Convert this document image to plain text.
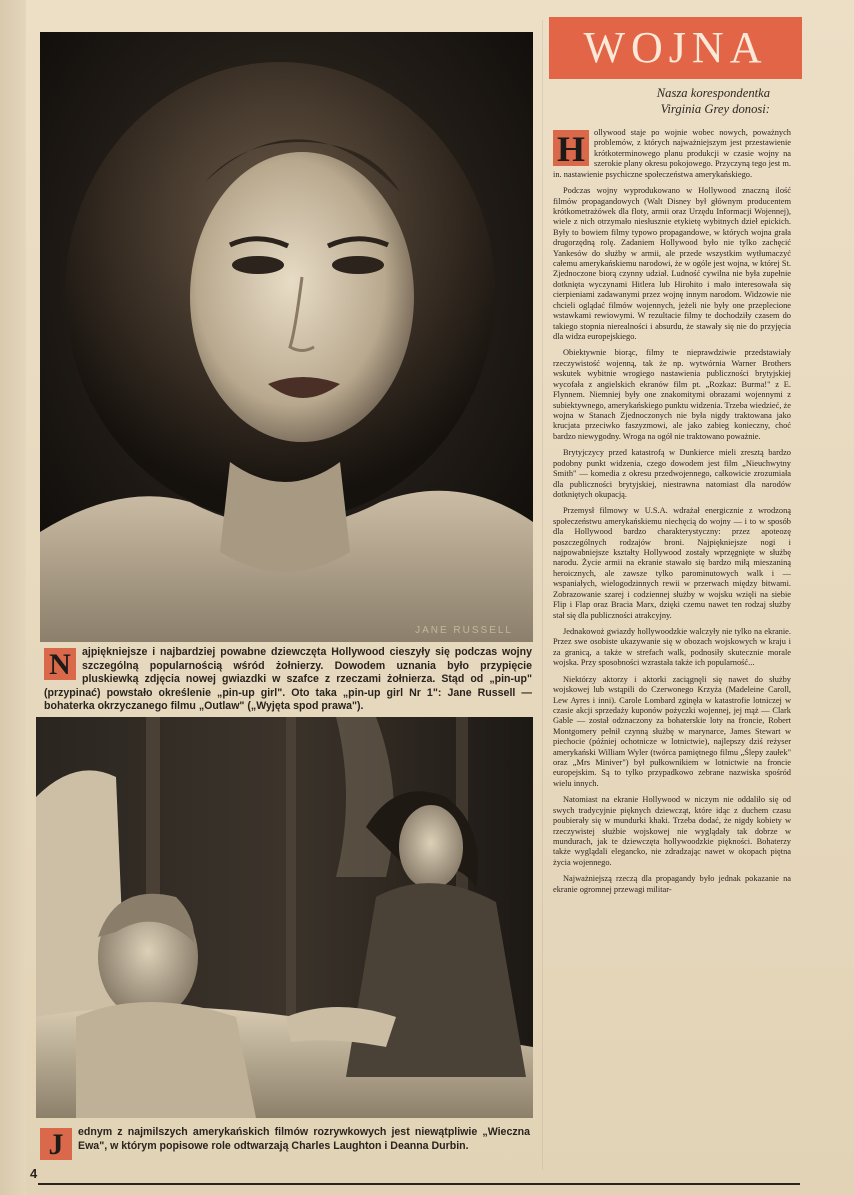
JANE RUSSELL
N	ajpiękniejsze i najbardziej powabne dziewczęta Hollywood cieszyły się podczas wojny szczególną popularnością wśród żołnierzy. Dowodem uznania było przypięcie pluskiewką zdjęcia nowej gwiazdki w szafce z rzeczami żołnierza. Stąd od „pin-up" (przypinać) powstało określenie „pin-up girl". Oto taka „pin-up girl Nr 1": Jane Russell — bohaterka okrzyczanego filmu „Outlaw" („Wyjęta spod prawa").
J	ednym z najmilszych amerykańskich filmów rozrywkowych jest niewątpliwie „Wieczna Ewa", w którym popisowe role odtwarzają Charles Laughton i Deanna Durbin.
WOJNA
Nasza korespondentka
Virginia Grey donosi:

H	ollywood staje po wojnie wobec nowych, poważnych problemów, z których najważniejszym jest przestawienie krótkoterminowego planu produkcji w czasie wojny na szerokie plany okresu pokojowego. Przyczyną tego jest m. in. nastawienie psychiczne społeczeństwa amerykańskiego.

Podczas wojny wyprodukowano w Hollywood znaczną ilość filmów propagandowych (Walt Disney był głównym producentem krótkometrażówek dla floty, armii oraz Urzędu Informacji Wojennej), wiele z nich otrzymało niesłusznie etykietę wybitnych dzieł epickich. Były to bowiem filmy typowo propagandowe, w których wojna grała drugorzędną rolę. Zadaniem Hollywood było nie tylko zachęcić Yankesów do służby w armii, ale przede wszystkim wytłumaczyć całemu amerykańskiemu narodowi, że w ogóle jest wojna, w której St. Zjednoczone biorą czynny udział. Ludność cywilna nie była zupełnie dotknięta wyczynami Hitlera lub Hirohito i mało interesowała się cierpieniami zadawanymi przez wojnę innym narodom. Widzowie nie chcieli oglądać filmów wojennych, jeżeli nie były one przeplecione wstawkami rewiowymi. W rezultacie filmy te dochodziły czasem do takiego stopnia nierealności i absurdu, że stawały się nie do przyjęcia dla widza europejskiego.

Obiektywnie biorąc, filmy te nieprawdziwie przedstawiały rzeczywistość wojenną, tak że np. wytwórnia Warner Brothers wskutek wybitnie wrogiego nastawienia publiczności brytyjskiej wycofała z angielskich ekranów film pt. „Rozkaz: Burma!" z E. Flynnem. Niemniej były one znakomitymi obrazami wojennymi z subiektywnego, amerykańskiego punktu widzenia. Trzeba wiedzieć, że wojna w Stanach Zjednoczonych nie była nigdy traktowana jako krucjata przeciwko faszyzmowi, ale jako zabieg konieczny, choć bardzo niewygodny. Wroga na ogół nie traktowano poważnie.

Brytyjczycy przed katastrofą w Dunkierce mieli zresztą bardzo podobny punkt widzenia, czego dowodem jest film „Nieuchwytny Smith" — komedia z okresu przedwojennego, całkowicie zrozumiała dla publiczności brytyjskiej, niestrawna natomiast dla narodów dotkniętych okupacją.

Przemysł filmowy w U.S.A. wdrażał energicznie z wrodzoną społeczeństwu amerykańskiemu niechęcią do wojny — i to w sposób dla Hollywood bardzo charakterystyczny: przez apoteozę poszczególnych rodzajów broni. Najpiękniejsze nogi i najpowabniejsze kształty Hollywood zostały wprzęgnięte w służbę narodu. Życie armii na ekranie stawało się bardzo miłą mieszaniną heroicznych, ale zawsze tylko parominutowych walk i — wspaniałych, wielogodzinnych rewii w przerwach między bitwami. Zobrazowanie szarej i codziennej służby w wojsku wzięli na siebie Flip i Flap oraz Bracia Marx, dzięki czemu nawet ten rodzaj służby stał się dla publiczności atrakcyjny.

Jednakowoż gwiazdy hollywoodzkie walczyły nie tylko na ekranie. Przez swe osobiste ukazywanie się w obozach wojskowych w kraju i za granicą, a także w strefach walk, podnosiły skutecznie morale wojska. Przy sposobności wzrastała także ich popularność...

Niektórzy aktorzy i aktorki zaciągnęli się nawet do służby wojskowej lub wstąpili do Czerwonego Krzyża (Madeleine Caroll, Lew Ayres i inni). Carole Lombard zginęła w katastrofie lotniczej w czasie akcji sprzedaży kuponów pożyczki wojennej, jej mąż — Clark Gable — został odznaczony za bohaterskie loty na froncie, Robert Montgomery pełnił czynną służbę w marynarce, James Stewart w piechocie (później ochotnicze w lotnictwie), najlepszy dziś reżyser amerykański William Wyler (twórca pamiętnego filmu „Ślepy zaułek" oraz „Mrs Miniver") był pułkownikiem w lotnictwie na froncie europejskim. Są to tylko przypadkowo zebrane nazwiska spośród wielu innych.

Natomiast na ekranie Hollywood w niczym nie oddaliło się od swych tradycyjnie pięknych dziewcząt, które idąc z duchem czasu poubierały się w mundurki khaki. Trzeba dodać, że nigdy kobiety w rzeczywistej służbie wojskowej nie wyglądały tak dobrze w mundurach, jak te dziewczęta hollywoodzkie piękności. Bohaterzy także wyglądali elegancko, nie zdradzając nawet w okopach piętna życia wojennego.

Najważniejszą rzeczą dla propagandy było jednak pokazanie na ekranie ogromnej przewagi militar-

4
